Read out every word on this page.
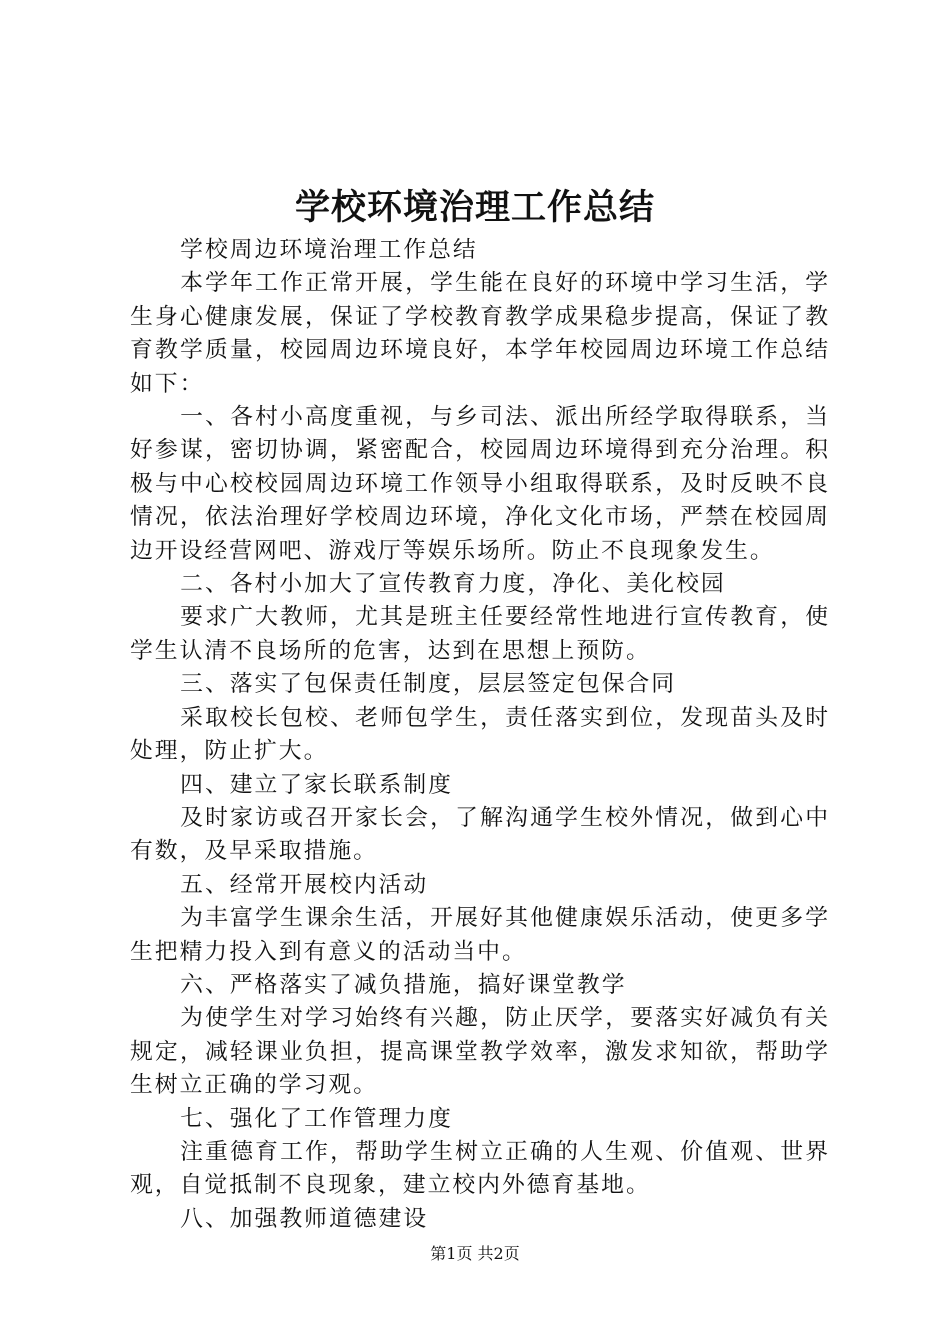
学校环境治理工作总结

学校周边环境治理工作总结

本学年工作正常开展，学生能在良好的环境中学习生活，学生身心健康发展，保证了学校教育教学成果稳步提高，保证了教育教学质量，校园周边环境良好，本学年校园周边环境工作总结如下：

一、各村小高度重视，与乡司法、派出所经学取得联系，当好参谋，密切协调，紧密配合，校园周边环境得到充分治理。积极与中心校校园周边环境工作领导小组取得联系，及时反映不良情况，依法治理好学校周边环境，净化文化市场，严禁在校园周边开设经营网吧、游戏厅等娱乐场所。防止不良现象发生。

二、各村小加大了宣传教育力度，净化、美化校园

要求广大教师，尤其是班主任要经常性地进行宣传教育，使学生认清不良场所的危害，达到在思想上预防。

三、落实了包保责任制度，层层签定包保合同

采取校长包校、老师包学生，责任落实到位，发现苗头及时处理，防止扩大。

四、建立了家长联系制度

及时家访或召开家长会，了解沟通学生校外情况，做到心中有数，及早采取措施。

五、经常开展校内活动

为丰富学生课余生活，开展好其他健康娱乐活动，使更多学生把精力投入到有意义的活动当中。

六、严格落实了减负措施，搞好课堂教学

为使学生对学习始终有兴趣，防止厌学，要落实好减负有关规定，减轻课业负担，提高课堂教学效率，激发求知欲，帮助学生树立正确的学习观。

七、强化了工作管理力度

注重德育工作，帮助学生树立正确的人生观、价值观、世界观，自觉抵制不良现象，建立校内外德育基地。

八、加强教师道德建设

第1页 共2页
